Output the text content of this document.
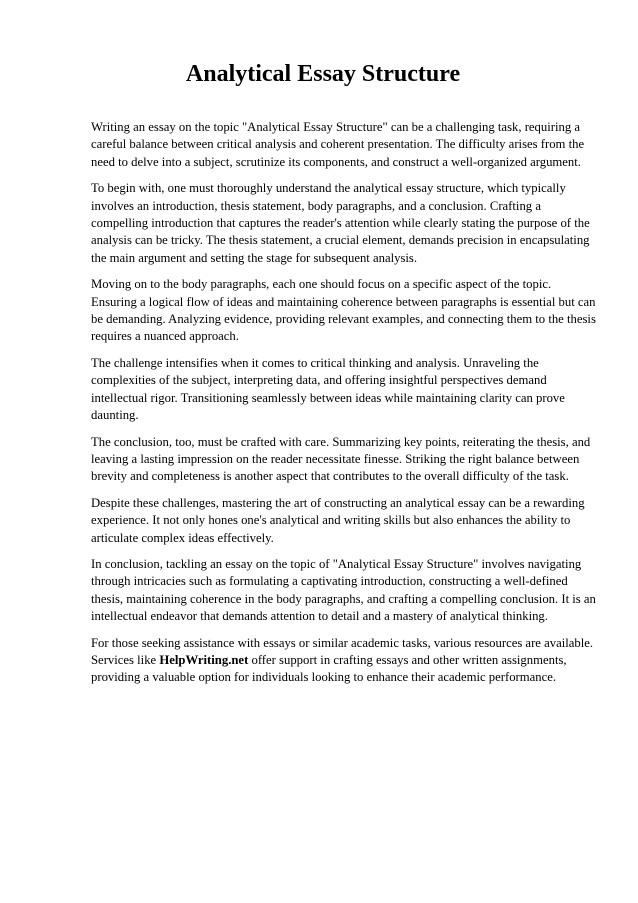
Analytical Essay Structure

Writing an essay on the topic "Analytical Essay Structure" can be a challenging task, requiring a careful balance between critical analysis and coherent presentation. The difficulty arises from the need to delve into a subject, scrutinize its components, and construct a well-organized argument.

To begin with, one must thoroughly understand the analytical essay structure, which typically involves an introduction, thesis statement, body paragraphs, and a conclusion. Crafting a compelling introduction that captures the reader's attention while clearly stating the purpose of the analysis can be tricky. The thesis statement, a crucial element, demands precision in encapsulating the main argument and setting the stage for subsequent analysis.

Moving on to the body paragraphs, each one should focus on a specific aspect of the topic. Ensuring a logical flow of ideas and maintaining coherence between paragraphs is essential but can be demanding. Analyzing evidence, providing relevant examples, and connecting them to the thesis requires a nuanced approach.

The challenge intensifies when it comes to critical thinking and analysis. Unraveling the complexities of the subject, interpreting data, and offering insightful perspectives demand intellectual rigor. Transitioning seamlessly between ideas while maintaining clarity can prove daunting.

The conclusion, too, must be crafted with care. Summarizing key points, reiterating the thesis, and leaving a lasting impression on the reader necessitate finesse. Striking the right balance between brevity and completeness is another aspect that contributes to the overall difficulty of the task.

Despite these challenges, mastering the art of constructing an analytical essay can be a rewarding experience. It not only hones one's analytical and writing skills but also enhances the ability to articulate complex ideas effectively.

In conclusion, tackling an essay on the topic of "Analytical Essay Structure" involves navigating through intricacies such as formulating a captivating introduction, constructing a well-defined thesis, maintaining coherence in the body paragraphs, and crafting a compelling conclusion. It is an intellectual endeavor that demands attention to detail and a mastery of analytical thinking.

For those seeking assistance with essays or similar academic tasks, various resources are available. Services like HelpWriting.net offer support in crafting essays and other written assignments, providing a valuable option for individuals looking to enhance their academic performance.
